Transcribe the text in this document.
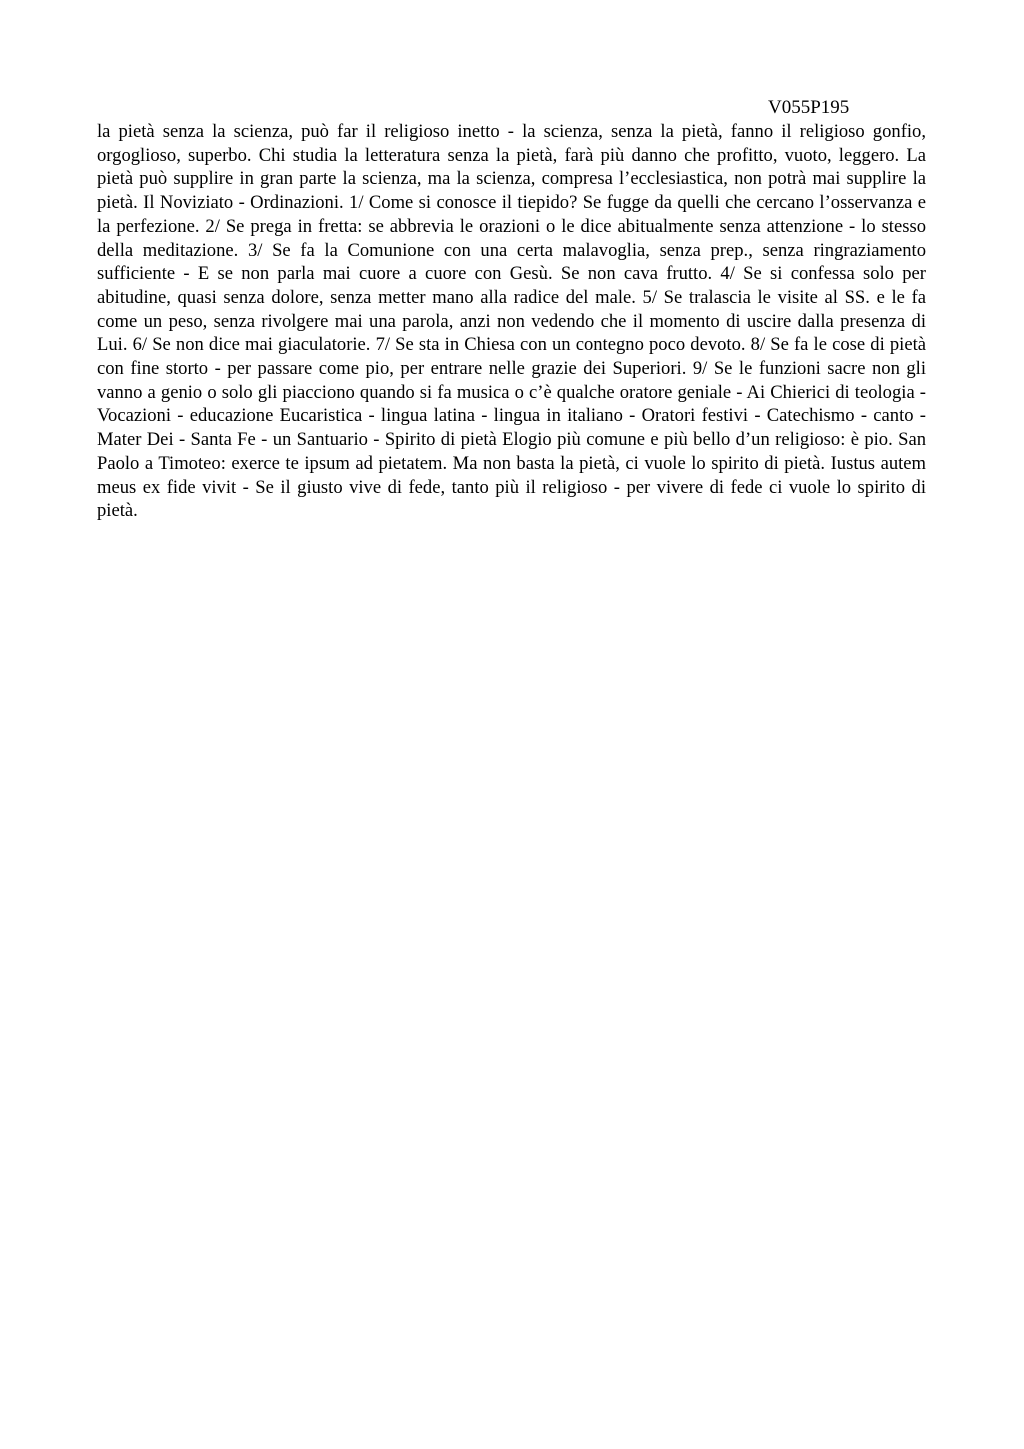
V055P195

la pietà senza la scienza, può far il religioso inetto - la scienza, senza la pietà, fanno il religioso gonfio, orgoglioso, superbo. Chi studia la letteratura senza la pietà, farà più danno che profitto, vuoto, leggero. La pietà può supplire in gran parte la scienza, ma la scienza, compresa l’ecclesiastica, non potrà mai supplire la pietà. Il Noviziato - Ordinazioni. 1/ Come si conosce il tiepido? Se fugge da quelli che cercano l’osservanza e la perfezione. 2/ Se prega in fretta: se abbrevia le orazioni o le dice abitualmente senza attenzione - lo stesso della meditazione. 3/ Se fa la Comunione con una certa malavoglia, senza prep., senza ringraziamento sufficiente - E se non parla mai cuore a cuore con Gesù. Se non cava frutto. 4/ Se si confessa solo per abitudine, quasi senza dolore, senza metter mano alla radice del male. 5/ Se tralascia le visite al SS. e le fa come un peso, senza rivolgere mai una parola, anzi non vedendo che il momento di uscire dalla presenza di Lui. 6/ Se non dice mai giaculatorie. 7/ Se sta in Chiesa con un contegno poco devoto. 8/ Se fa le cose di pietà con fine storto - per passare come pio, per entrare nelle grazie dei Superiori. 9/ Se le funzioni sacre non gli vanno a genio o solo gli piacciono quando si fa musica o c’è qualche oratore geniale - Ai Chierici di teologia - Vocazioni - educazione Eucaristica - lingua latina - lingua in italiano - Oratori festivi - Catechismo - canto - Mater Dei - Santa Fe - un Santuario - Spirito di pietà Elogio più comune e più bello d’un religioso: è pio. San Paolo a Timoteo: exerce te ipsum ad pietatem. Ma non basta la pietà, ci vuole lo spirito di pietà. Iustus autem meus ex fide vivit - Se il giusto vive di fede, tanto più il religioso - per vivere di fede ci vuole lo spirito di pietà.
